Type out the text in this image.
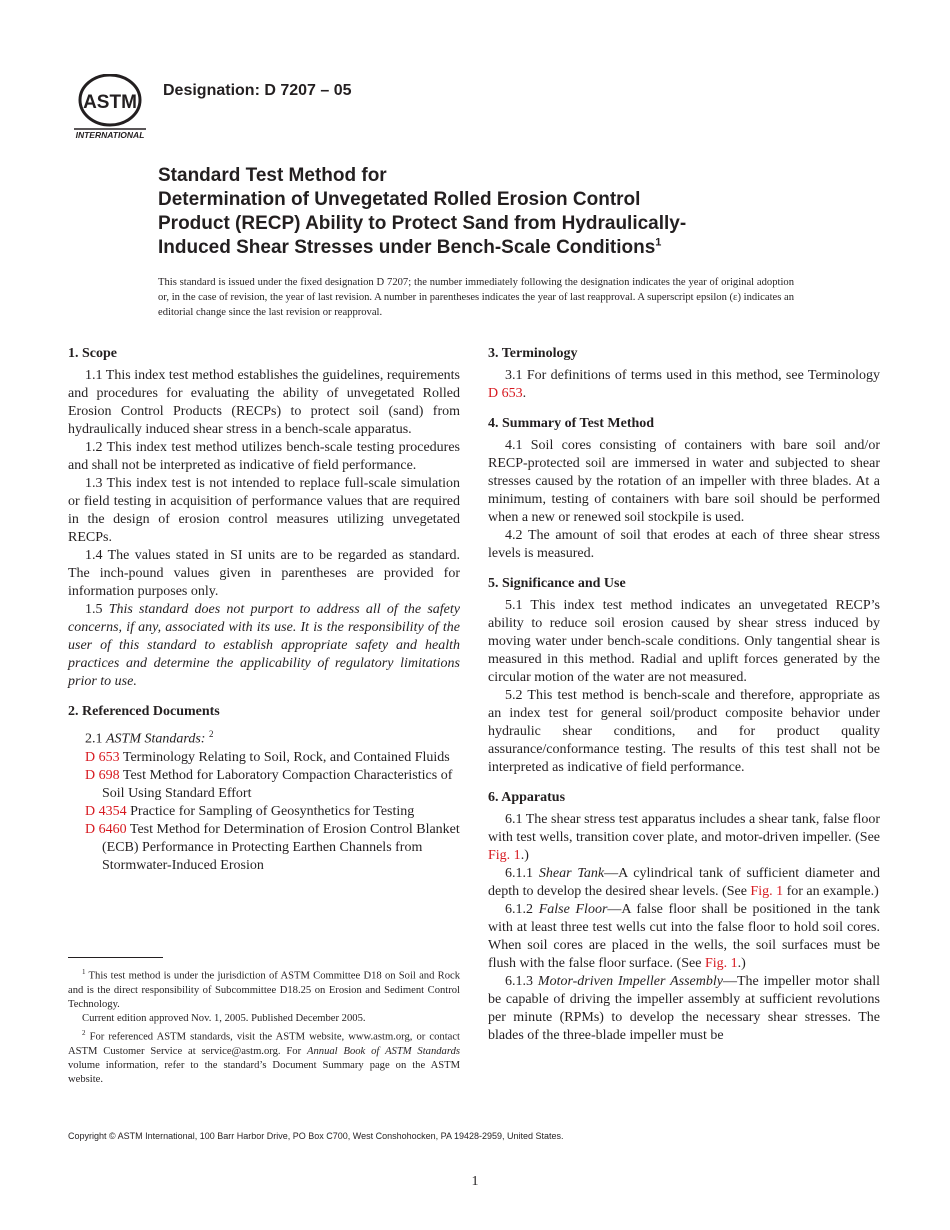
ASTM
INTERNATIONAL
Designation: D 7207 – 05
Standard Test Method for
Determination of Unvegetated Rolled Erosion Control
Product (RECP) Ability to Protect Sand from Hydraulically-
Induced Shear Stresses under Bench-Scale Conditions$^1$
This standard is issued under the fixed designation D 7207; the number immediately following the designation indicates the year of original adoption or, in the case of revision, the year of last revision. A number in parentheses indicates the year of last reapproval. A superscript epsilon (ε) indicates an editorial change since the last revision or reapproval.
1. Scope

1.1 This index test method establishes the guidelines, requirements and procedures for evaluating the ability of unvegetated Rolled Erosion Control Products (RECPs) to protect soil (sand) from hydraulically induced shear stress in a bench-scale apparatus.

1.2 This index test method utilizes bench-scale testing procedures and shall not be interpreted as indicative of field performance.

1.3 This index test is not intended to replace full-scale simulation or field testing in acquisition of performance values that are required in the design of erosion control measures utilizing unvegetated RECPs.

1.4 The values stated in SI units are to be regarded as standard. The inch-pound values given in parentheses are provided for information purposes only.

1.5 This standard does not purport to address all of the safety concerns, if any, associated with its use. It is the responsibility of the user of this standard to establish appropriate safety and health practices and determine the applicability of regulatory limitations prior to use.

2. Referenced Documents
2.1 ASTM Standards: $^2$
D 653 Terminology Relating to Soil, Rock, and Contained Fluids
D 698 Test Method for Laboratory Compaction Characteristics of Soil Using Standard Effort
D 4354 Practice for Sampling of Geosynthetics for Testing
D 6460 Test Method for Determination of Erosion Control Blanket (ECB) Performance in Protecting Earthen Channels from Stormwater-Induced Erosion
3. Terminology

3.1 For definitions of terms used in this method, see Terminology D 653.

4. Summary of Test Method

4.1 Soil cores consisting of containers with bare soil and/or RECP-protected soil are immersed in water and subjected to shear stresses caused by the rotation of an impeller with three blades. At a minimum, testing of containers with bare soil should be performed when a new or renewed soil stockpile is used.

4.2 The amount of soil that erodes at each of three shear stress levels is measured.

5. Significance and Use

5.1 This index test method indicates an unvegetated RECP’s ability to reduce soil erosion caused by shear stress induced by moving water under bench-scale conditions. Only tangential shear is measured in this method. Radial and uplift forces generated by the circular motion of the water are not measured.

5.2 This test method is bench-scale and therefore, appropriate as an index test for general soil/product composite behavior under hydraulic shear conditions, and for product quality assurance/conformance testing. The results of this test shall not be interpreted as indicative of field performance.

6. Apparatus

6.1 The shear stress test apparatus includes a shear tank, false floor with test wells, transition cover plate, and motor-driven impeller. (See Fig. 1.)

6.1.1 Shear Tank—A cylindrical tank of sufficient diameter and depth to develop the desired shear levels. (See Fig. 1 for an example.)

6.1.2 False Floor—A false floor shall be positioned in the tank with at least three test wells cut into the false floor to hold soil cores. When soil cores are placed in the wells, the soil surfaces must be flush with the false floor surface. (See Fig. 1.)

6.1.3 Motor-driven Impeller Assembly—The impeller motor shall be capable of driving the impeller assembly at sufficient revolutions per minute (RPMs) to develop the necessary shear stresses. The blades of the three-blade impeller must be

$^1$ This test method is under the jurisdiction of ASTM Committee D18 on Soil and Rock and is the direct responsibility of Subcommittee D18.25 on Erosion and Sediment Control Technology.

Current edition approved Nov. 1, 2005. Published December 2005.

$^2$ For referenced ASTM standards, visit the ASTM website, www.astm.org, or contact ASTM Customer Service at service@astm.org. For Annual Book of ASTM Standards volume information, refer to the standard’s Document Summary page on the ASTM website.

Copyright © ASTM International, 100 Barr Harbor Drive, PO Box C700, West Conshohocken, PA 19428-2959, United States.
1
